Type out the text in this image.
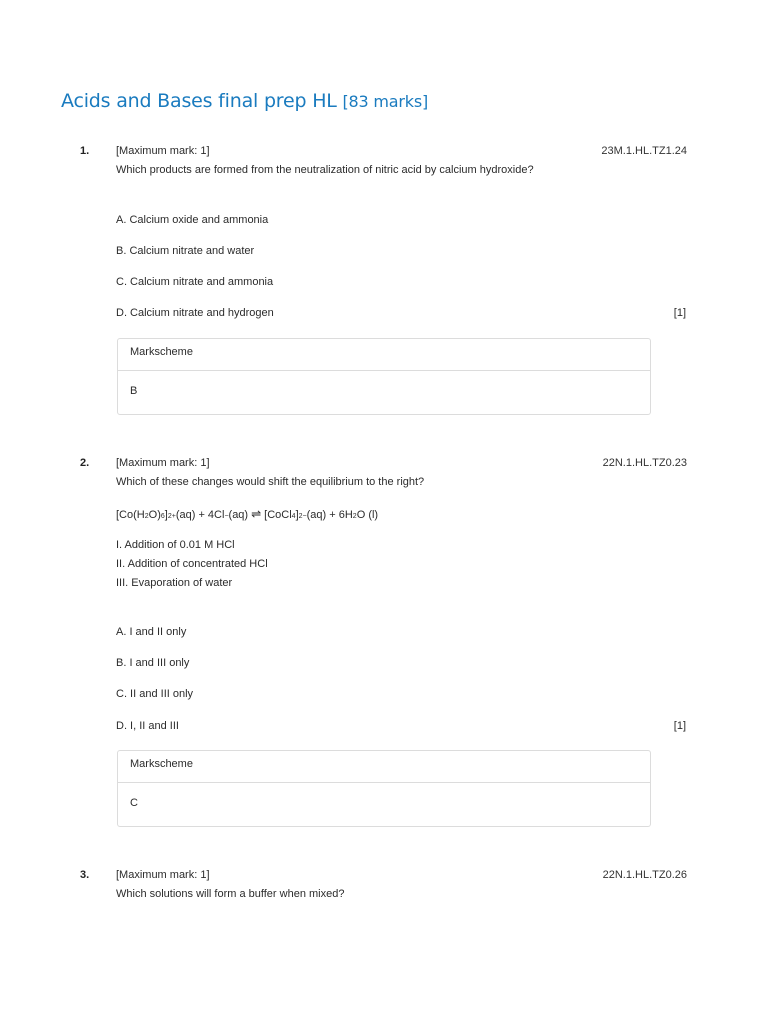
Acids and Bases final prep HL [83 marks]
1. [Maximum mark: 1]	23M.1.HL.TZ1.24
Which products are formed from the neutralization of nitric acid by calcium hydroxide?
A. Calcium oxide and ammonia
B. Calcium nitrate and water
C. Calcium nitrate and ammonia
D. Calcium nitrate and hydrogen	[1]
Markscheme
B
2. [Maximum mark: 1]	22N.1.HL.TZ0.23
Which of these changes would shift the equilibrium to the right?
[Co(H 2 O) 6 ] 2+ (aq) + 4Cl − (aq) ⇌ [CoCl 4 ] 2− (aq) + 6H 2 O (l)
I. Addition of 0.01 M HCl
II. Addition of concentrated HCl
III. Evaporation of water
A. I and II only
B. I and III only
C. II and III only
D. I, II and III	[1]
Markscheme
C
3. [Maximum mark: 1]	22N.1.HL.TZ0.26
Which solutions will form a buffer when mixed?
